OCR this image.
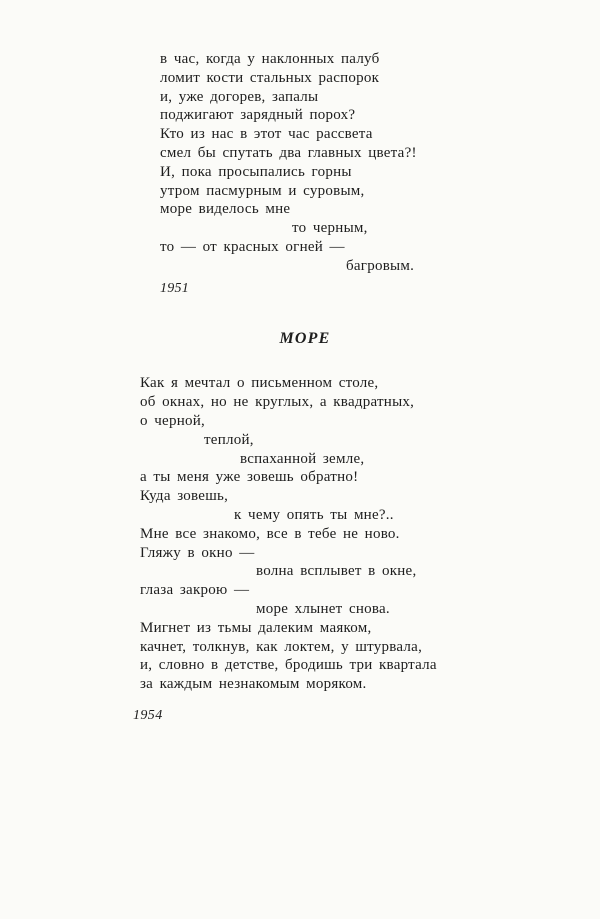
в час, когда у наклонных палуб
ломит кости стальных распорок
и, уже догорев, запалы
поджигают зарядный порох?
Кто из нас в этот час рассвета
смел бы спутать два главных цвета?!
И, пока просыпались горны
утром пасмурным и суровым,
море виделось мне
то черным,
то — от красных огней —
багровым.
1951
МОРЕ
Как я мечтал о письменном столе,
об окнах, но не круглых, а квадратных,
о черной,
теплой,
вспаханной земле,
а ты меня уже зовешь обратно!
Куда зовешь,
к чему опять ты мне?..
Мне все знакомо, все в тебе не ново.
Гляжу в окно —
волна всплывет в окне,
глаза закрою —
море хлынет снова.
Мигнет из тьмы далеким маяком,
качнет, толкнув, как локтем, у штурвала,
и, словно в детстве, бродишь три квартала
за каждым незнакомым моряком.
1954
